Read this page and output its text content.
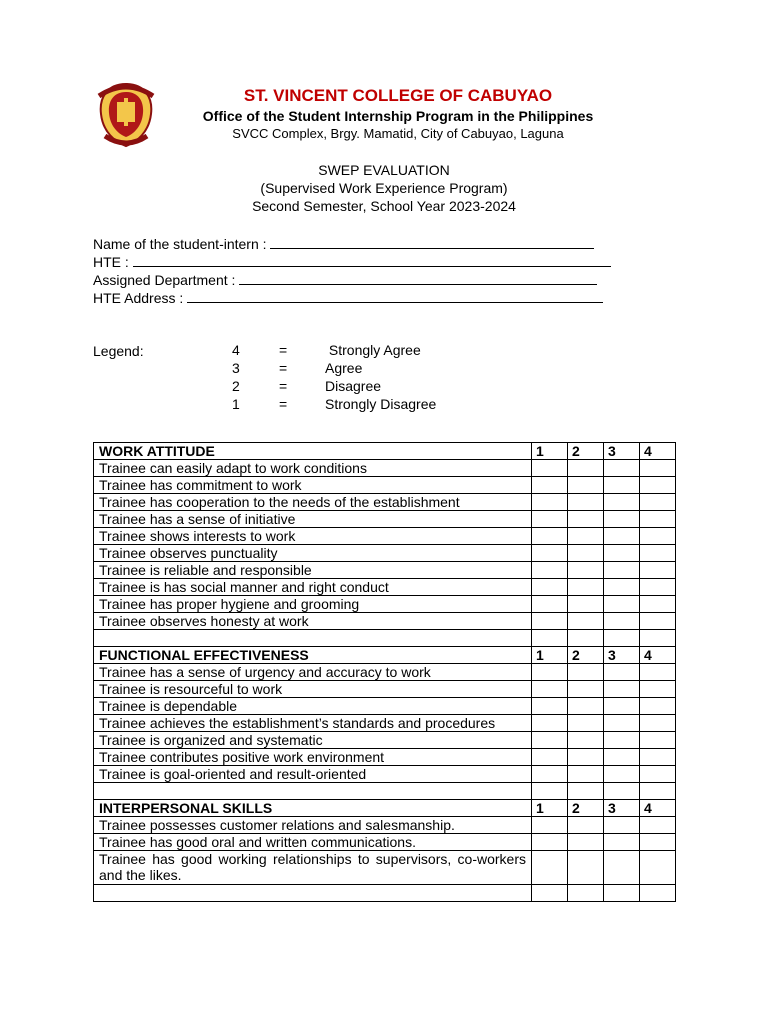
ST. VINCENT COLLEGE OF CABUYAO
Office of the Student Internship Program in the Philippines
SVCC Complex, Brgy. Mamatid, City of Cabuyao, Laguna
SWEP EVALUATION
(Supervised Work Experience Program)
Second Semester, School Year 2023-2024
Name of the student-intern :
HTE :
Assigned Department :
HTE Address :
Legend:	4	=	Strongly Agree
3	=	Agree
2	=	Disagree
1	=	Strongly Disagree
WORK ATTITUDE	1	2	3	4
Trainee can easily adapt to work conditions				
Trainee has commitment to work				
Trainee has cooperation to the needs of the establishment				
Trainee has a sense of initiative				
Trainee shows interests to work				
Trainee observes punctuality				
Trainee is reliable and responsible				
Trainee is has social manner and right conduct				
Trainee has proper hygiene and grooming				
Trainee observes honesty at work				

FUNCTIONAL EFFECTIVENESS	1	2	3	4
Trainee has a sense of urgency and accuracy to work				
Trainee is resourceful to work				
Trainee is dependable				
Trainee achieves the establishment’s standards and procedures				
Trainee is organized and systematic				
Trainee contributes positive work environment				
Trainee is goal-oriented and result-oriented				

INTERPERSONAL SKILLS	1	2	3	4
Trainee possesses customer relations and salesmanship.				
Trainee has good oral and written communications.				
Trainee has good working relationships to supervisors, co-workers and the likes.				
